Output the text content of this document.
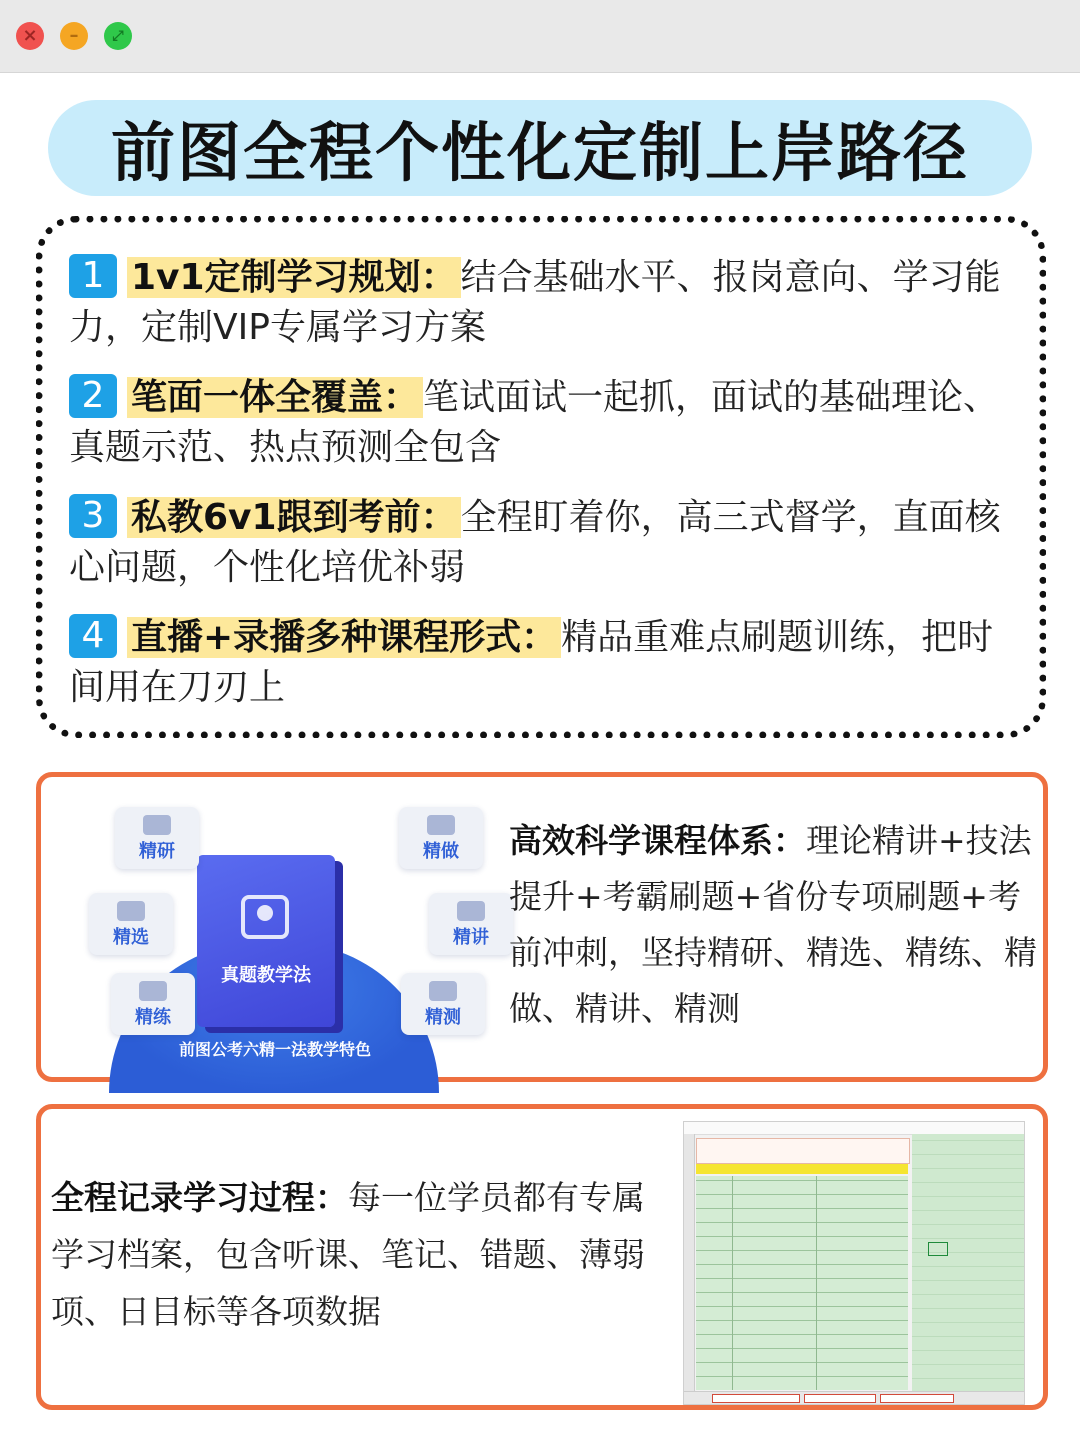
×	–	⤢
前图全程个性化定制上岸路径
1 1v1定制学习规划： 结合基础水平、报岗意向、学习能力，定制VIP专属学习方案
2 笔面一体全覆盖： 笔试面试一起抓，面试的基础理论、真题示范、热点预测全包含
3 私教6v1跟到考前： 全程盯着你，高三式督学，直面核心问题，个性化培优补弱
4 直播+录播多种课程形式： 精品重难点刷题训练，把时间用在刀刃上
前图公考六精一法教学特色
真题教学法
精研	精做
精选	精讲
精练	精测
高效科学课程体系：理论精讲+技法提升+考霸刷题+省份专项刷题+考前冲刺，坚持精研、精选、精练、精做、精讲、精测
全程记录学习过程：每一位学员都有专属学习档案，包含听课、笔记、错题、薄弱项、日目标等各项数据
